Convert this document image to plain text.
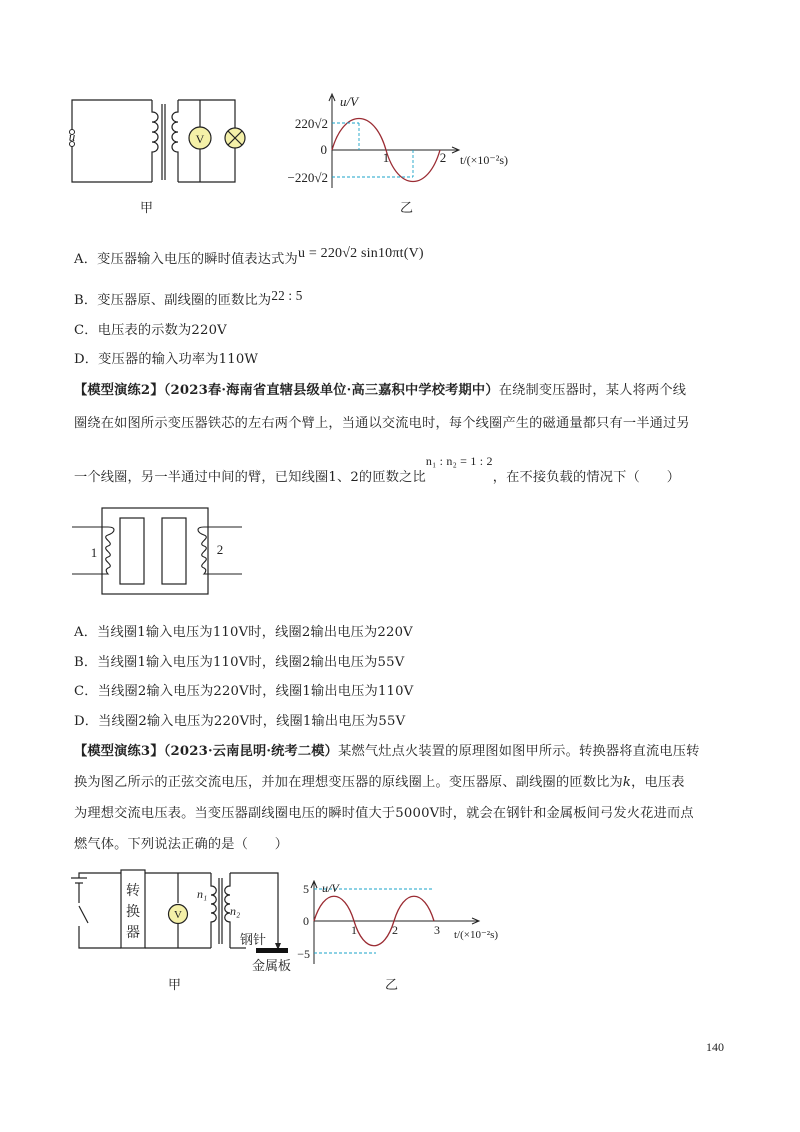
u	V
甲
u/V
220√2
0
−220√2
1	2 t/(×10⁻²s)
乙
A．变压器输入电压的瞬时值表达式为u = 220√2 sin10πt(V)
B．变压器原、副线圈的匝数比为22 : 5
C．电压表的示数为220V
D．变压器的输入功率为110W
【模型演练2】（2023春·海南省直辖县级单位·高三嘉积中学校考期中）在绕制变压器时，某人将两个线
圈绕在如图所示变压器铁芯的左右两个臂上，当通以交流电时，每个线圈产生的磁通量都只有一半通过另
一个线圈，另一半通过中间的臂，已知线圈1、2的匝数之比n₁ : n₂ = 1 : 2，在不接负载的情况下（　　）
1	2
A．当线圈1输入电压为110V时，线圈2输出电压为220V
B．当线圈1输入电压为110V时，线圈2输出电压为55V
C．当线圈2输入电压为220V时，线圈1输出电压为110V
D．当线圈2输入电压为220V时，线圈1输出电压为55V
【模型演练3】（2023·云南昆明·统考二模）某燃气灶点火装置的原理图如图甲所示。转换器将直流电压转
换为图乙所示的正弦交流电压，并加在理想变压器的原线圈上。变压器原、副线圈的匝数比为k，电压表
为理想交流电压表。当变压器副线圈电压的瞬时值大于5000V时，就会在钢针和金属板间弓发火花进而点
燃气体。下列说法正确的是（　　）
V
转
换
器
n₁
n₂
钢针
金属板
甲
u/V
5
0
−5
1	2	3 t/(×10⁻²s)
乙
140
